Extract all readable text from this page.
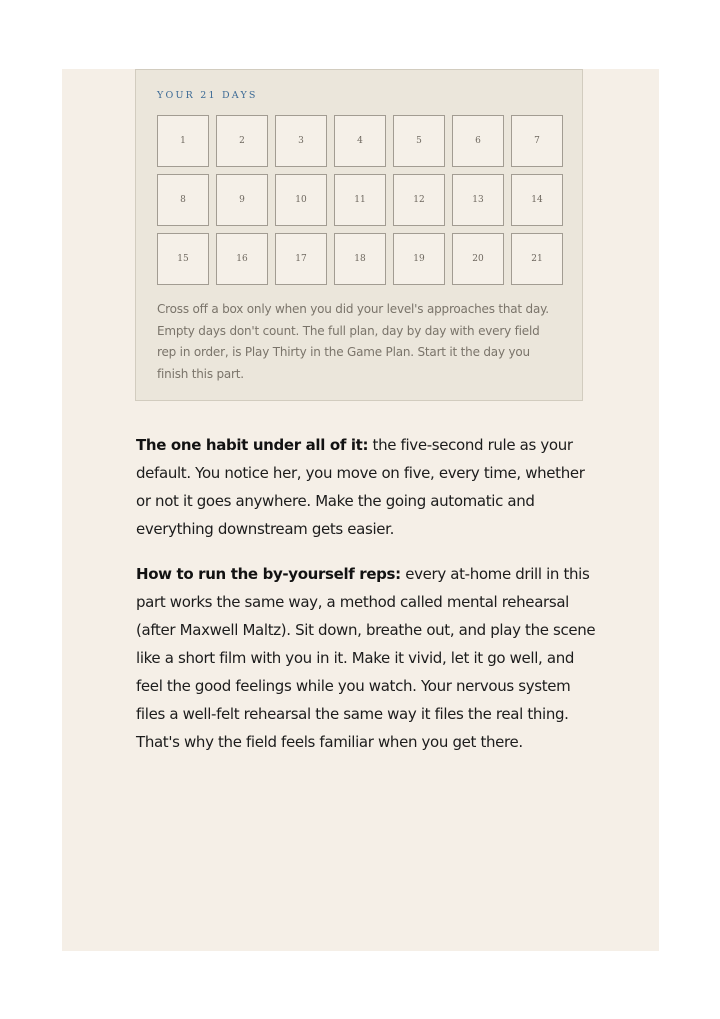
YOUR 21 DAYS
1	2	3	4	5	6	7
8	9	10	11	12	13	14
15	16	17	18	19	20	21

Cross off a box only when you did your level's approaches that day. Empty days don't count. The full plan, day by day with every field rep in order, is Play Thirty in the Game Plan. Start it the day you finish this part.

The one habit under all of it: the five-second rule as your default. You notice her, you move on five, every time, whether or not it goes anywhere. Make the going automatic and everything downstream gets easier.

How to run the by-yourself reps: every at-home drill in this part works the same way, a method called mental rehearsal (after Maxwell Maltz). Sit down, breathe out, and play the scene like a short film with you in it. Make it vivid, let it go well, and feel the good feelings while you watch. Your nervous system files a well-felt rehearsal the same way it files the real thing. That's why the field feels familiar when you get there.
